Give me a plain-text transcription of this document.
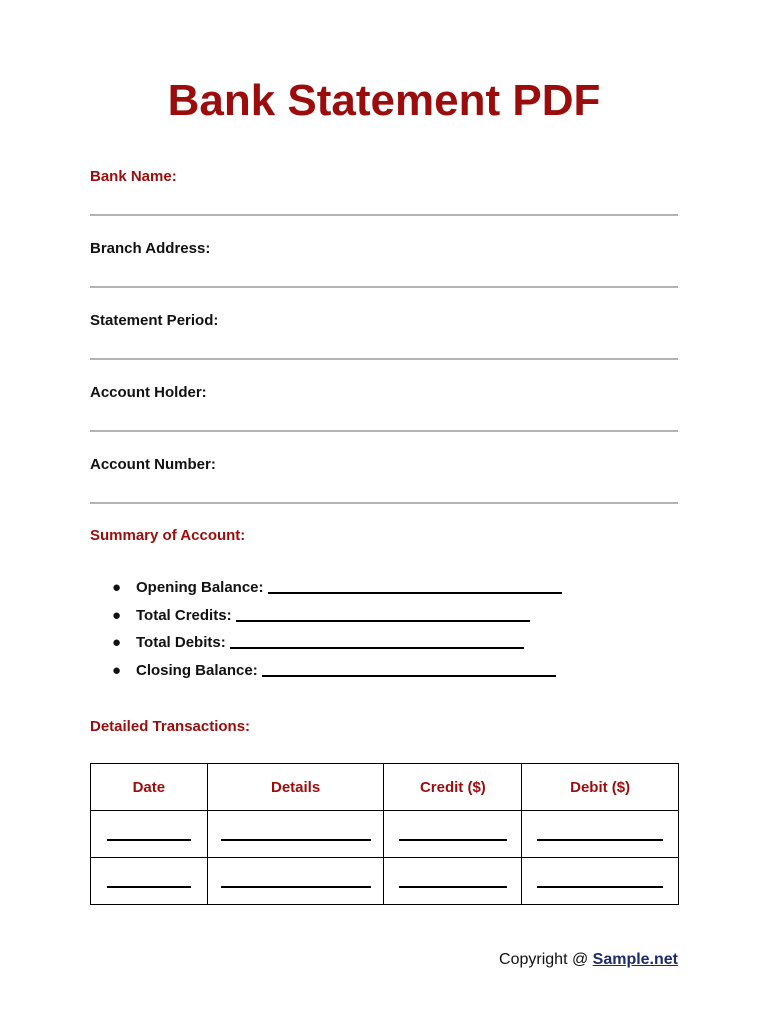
Bank Statement PDF
Bank Name:
Branch Address:
Statement Period:
Account Holder:
Account Number:
Summary of Account:
● Opening Balance:
● Total Credits:
● Total Debits:
● Closing Balance:
Detailed Transactions:
Date	Details	Credit ($)	Debit ($)

Copyright @ Sample.net
